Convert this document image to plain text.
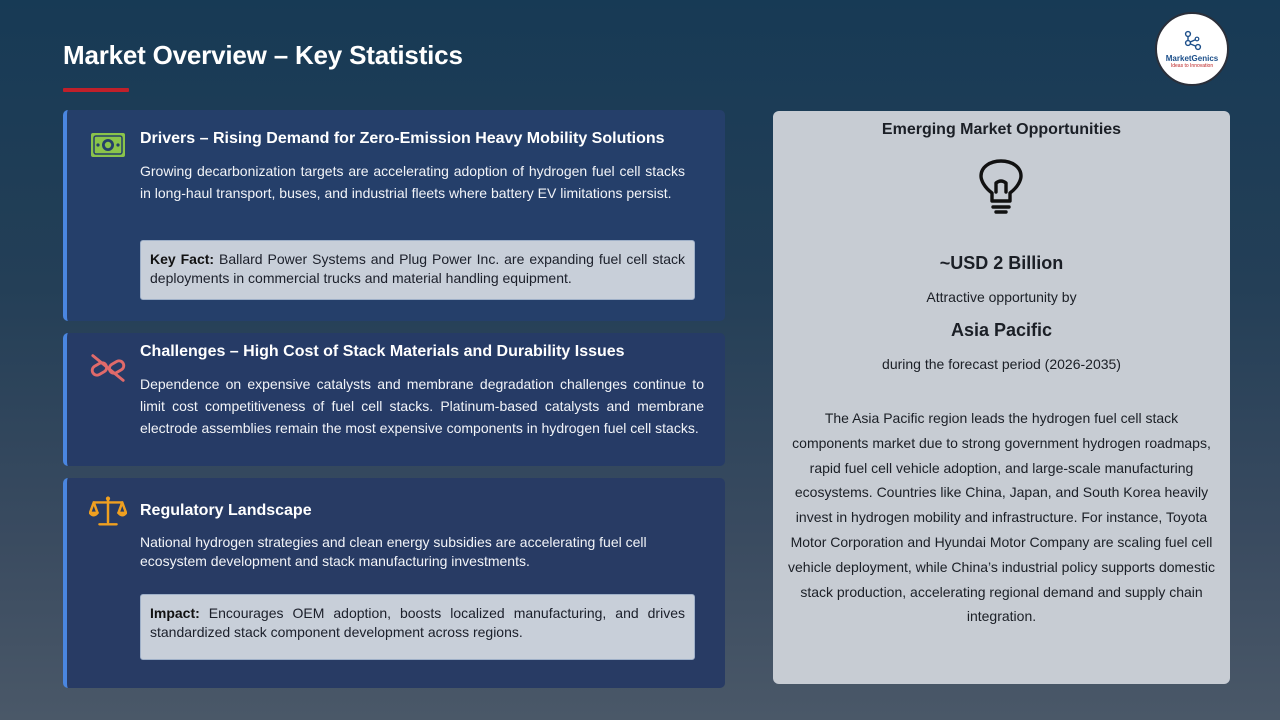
Market Overview – Key Statistics	MarketGenics
Ideas to Innovation
Drivers – Rising Demand for Zero-Emission Heavy Mobility Solutions

Growing decarbonization targets are accelerating adoption of hydrogen fuel cell stacks in long-haul transport, buses, and industrial fleets where battery EV limitations persist.

Key Fact: Ballard Power Systems and Plug Power Inc. are expanding fuel cell stack deployments in commercial trucks and material handling equipment.
Challenges – High Cost of Stack Materials and Durability Issues

Dependence on expensive catalysts and membrane degradation challenges continue to limit cost competitiveness of fuel cell stacks. Platinum-based catalysts and membrane electrode assemblies remain the most expensive components in hydrogen fuel cell stacks.

Regulatory Landscape

National hydrogen strategies and clean energy subsidies are accelerating fuel cell ecosystem development and stack manufacturing investments.

Impact: Encourages OEM adoption, boosts localized manufacturing, and drives standardized stack component development across regions.
Emerging Market Opportunities
~USD 2 Billion
Attractive opportunity by
Asia Pacific
during the forecast period (2026-2035)

The Asia Pacific region leads the hydrogen fuel cell stack components market due to strong government hydrogen roadmaps, rapid fuel cell vehicle adoption, and large-scale manufacturing ecosystems. Countries like China, Japan, and South Korea heavily invest in hydrogen mobility and infrastructure. For instance, Toyota Motor Corporation and Hyundai Motor Company are scaling fuel cell vehicle deployment, while China’s industrial policy supports domestic stack production, accelerating regional demand and supply chain integration.
